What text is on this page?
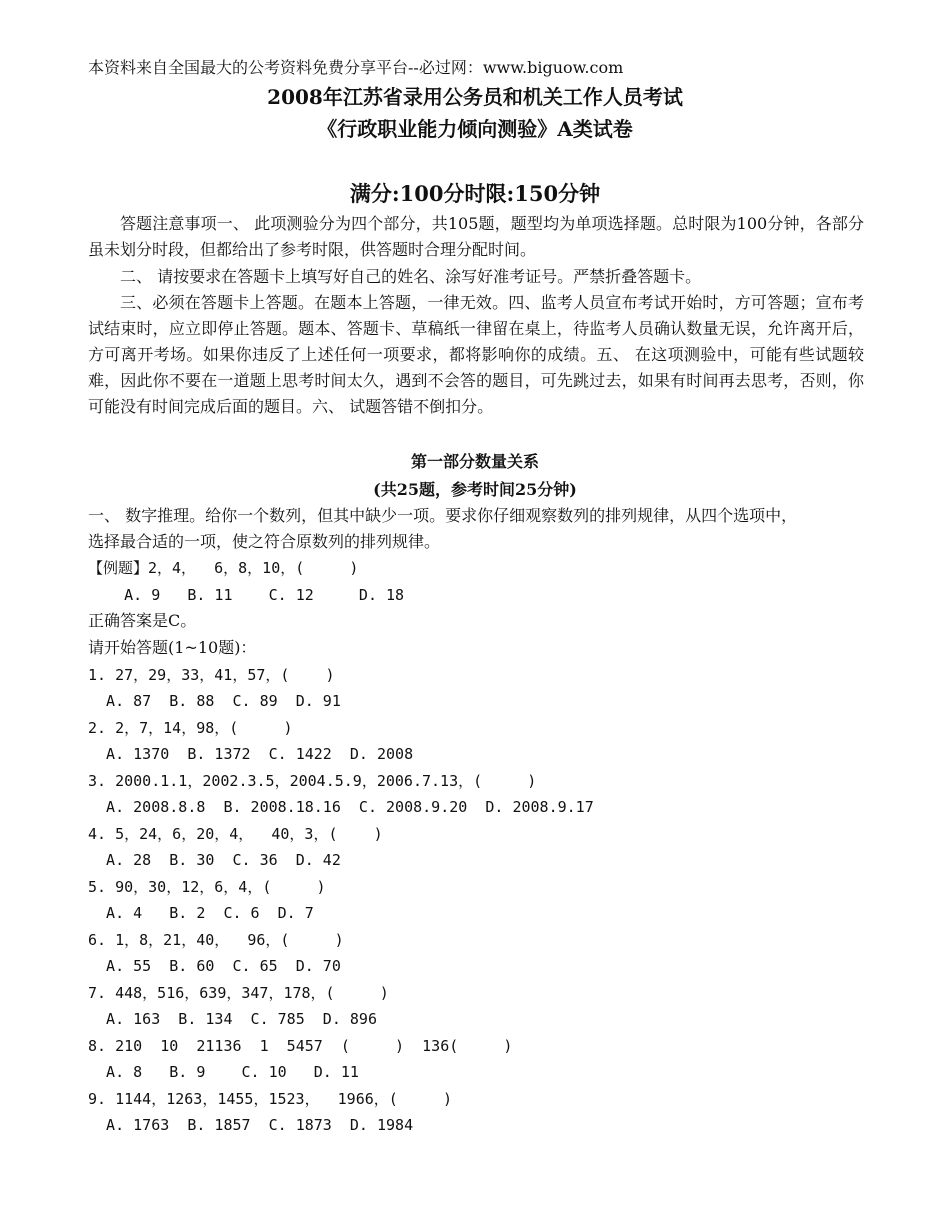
本资料来自全国最大的公考资料免费分享平台--必过网：www.biguow.com
2008年江苏省录用公务员和机关工作人员考试
《行政职业能力倾向测验》A类试卷
满分:100分时限:150分钟
答题注意事项一、 此项测验分为四个部分，共105题，题型均为单项选择题。总时限为100分钟，各部分虽未划分时段，但都给出了参考时限，供答题时合理分配时间。
二、 请按要求在答题卡上填写好自己的姓名、涂写好准考证号。严禁折叠答题卡。
三、必须在答题卡上答题。在题本上答题，一律无效。四、监考人员宣布考试开始时，方可答题；宣布考试结束时，应立即停止答题。题本、答题卡、草稿纸一律留在桌上，待监考人员确认数量无误，允许离开后，方可离开考场。如果你违反了上述任何一项要求，都将影响你的成绩。五、 在这项测验中，可能有些试题较难，因此你不要在一道题上思考时间太久，遇到不会答的题目，可先跳过去，如果有时间再去思考，否则，你可能没有时间完成后面的题目。六、 试题答错不倒扣分。
第一部分数量关系
(共25题，参考时间25分钟)
一、 数字推理。给你一个数列，但其中缺少一项。要求你仔细观察数列的排列规律，从四个选项中，
选择最合适的一项，使之符合原数列的排列规律。
【例题】2，4，  6，8，10，(     )
A. 9   B. 11    C. 12     D. 18
正确答案是C。
请开始答题(1~10题)：
1. 27，29，33，41，57，(    )
A. 87  B. 88  C. 89  D. 91
2. 2，7，14，98，(     )
A. 1370  B. 1372  C. 1422  D. 2008
3. 2000.1.1，2002.3.5，2004.5.9，2006.7.13，(     )
A. 2008.8.8  B. 2008.18.16  C. 2008.9.20  D. 2008.9.17
4. 5，24，6，20，4，  40，3，(    )
A. 28  B. 30  C. 36  D. 42
5. 90，30，12，6，4，(     )
A. 4   B. 2  C. 6  D. 7
6. 1，8，21，40，  96，(     )
A. 55  B. 60  C. 65  D. 70
7. 448，516，639，347，178，(     )
A. 163  B. 134  C. 785  D. 896
8. 210  10  21136  1  5457  (     )  136(     )
A. 8   B. 9    C. 10   D. 11
9. 1144，1263，1455，1523，  1966，(     )
A. 1763  B. 1857  C. 1873  D. 1984
